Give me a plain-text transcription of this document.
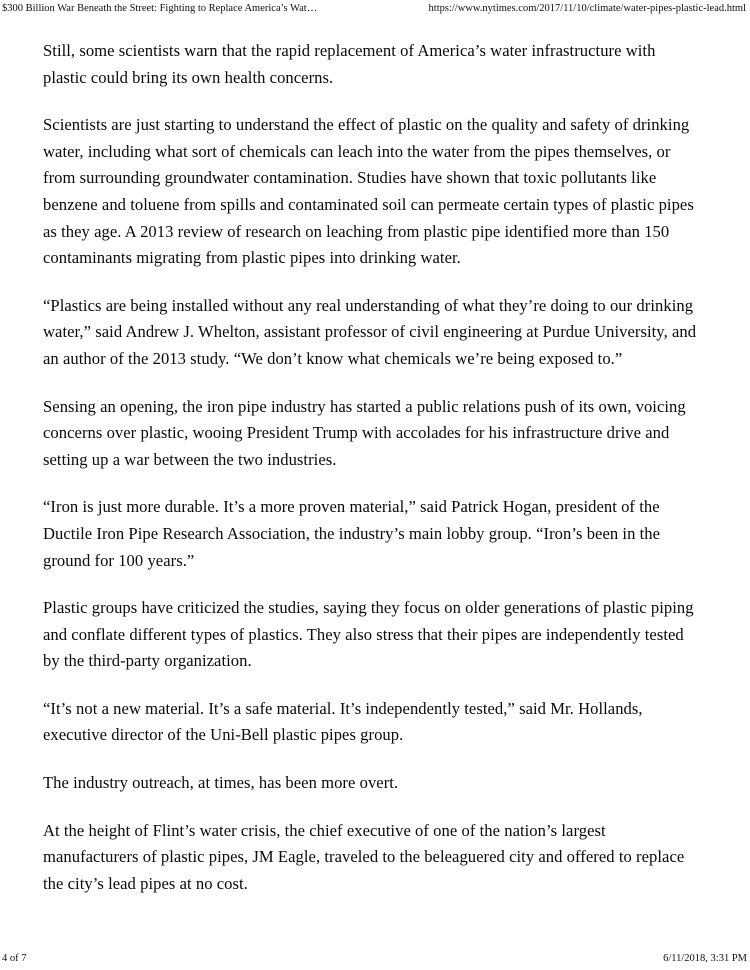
$300 Billion War Beneath the Street: Fighting to Replace America’s Wat…	https://www.nytimes.com/2017/11/10/climate/water-pipes-plastic-lead.html

Still, some scientists warn that the rapid replacement of America’s water infrastructure with plastic could bring its own health concerns.

Scientists are just starting to understand the effect of plastic on the quality and safety of drinking water, including what sort of chemicals can leach into the water from the pipes themselves, or from surrounding groundwater contamination. Studies have shown that toxic pollutants like benzene and toluene from spills and contaminated soil can permeate certain types of plastic pipes as they age. A 2013 review of research on leaching from plastic pipe identified more than 150 contaminants migrating from plastic pipes into drinking water.

“Plastics are being installed without any real understanding of what they’re doing to our drinking water,” said Andrew J. Whelton, assistant professor of civil engineering at Purdue University, and an author of the 2013 study. “We don’t know what chemicals we’re being exposed to.”

Sensing an opening, the iron pipe industry has started a public relations push of its own, voicing concerns over plastic, wooing President Trump with accolades for his infrastructure drive and setting up a war between the two industries.

“Iron is just more durable. It’s a more proven material,” said Patrick Hogan, president of the Ductile Iron Pipe Research Association, the industry’s main lobby group. “Iron’s been in the ground for 100 years.”

Plastic groups have criticized the studies, saying they focus on older generations of plastic piping and conflate different types of plastics. They also stress that their pipes are independently tested by the third-party organization.

“It’s not a new material. It’s a safe material. It’s independently tested,” said Mr. Hollands, executive director of the Uni-Bell plastic pipes group.

The industry outreach, at times, has been more overt.

At the height of Flint’s water crisis, the chief executive of one of the nation’s largest manufacturers of plastic pipes, JM Eagle, traveled to the beleaguered city and offered to replace the city’s lead pipes at no cost.

4 of 7	6/11/2018, 3:31 PM
